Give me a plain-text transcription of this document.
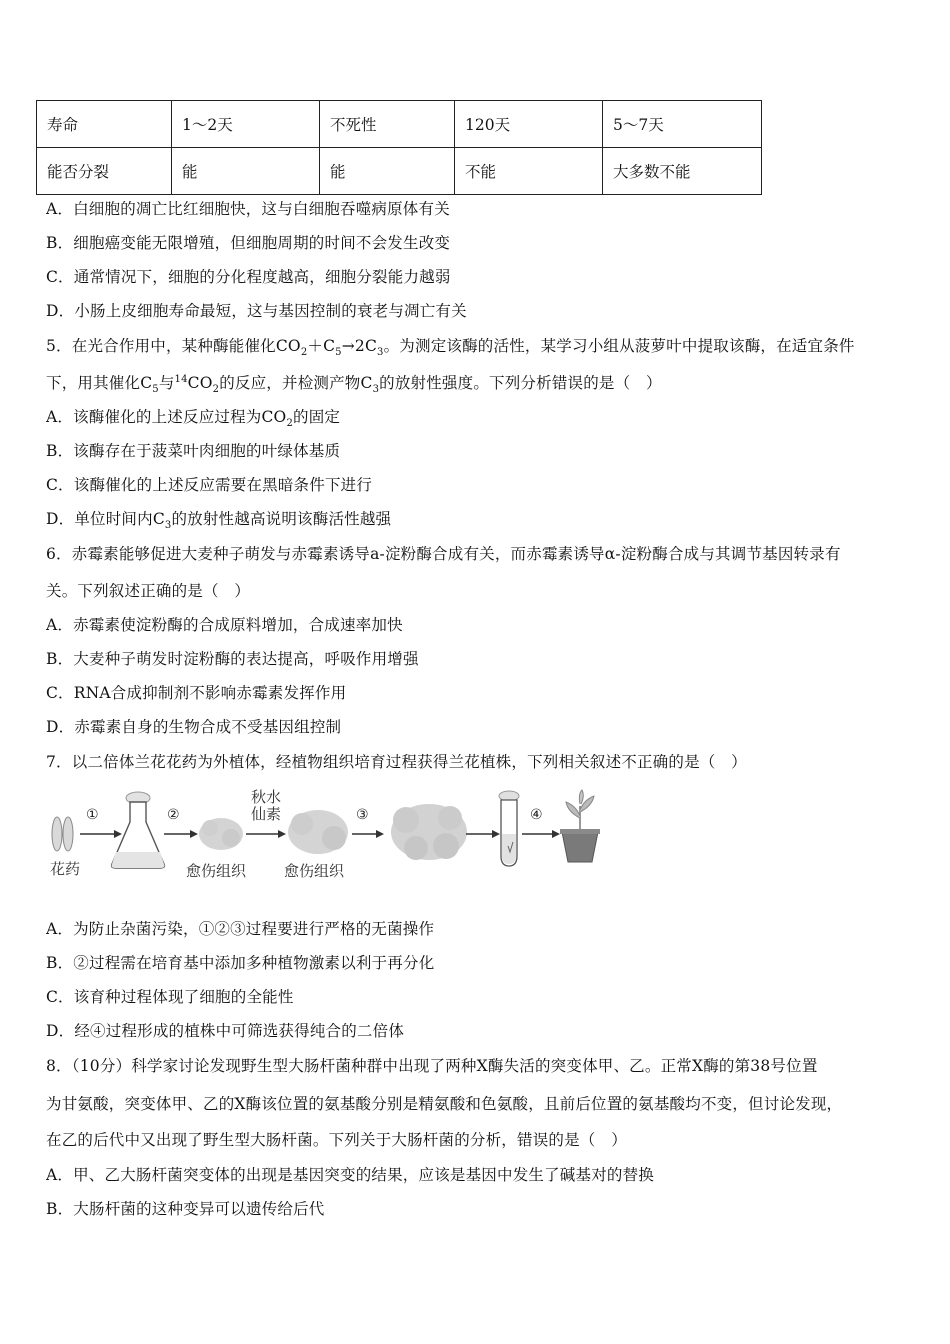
寿命	1～2天	不死性	120天	5～7天
能否分裂	能	能	不能	大多数不能
A．白细胞的凋亡比红细胞快，这与白细胞吞噬病原体有关
B．细胞癌变能无限增殖，但细胞周期的时间不会发生改变
C．通常情况下，细胞的分化程度越高，细胞分裂能力越弱
D．小肠上皮细胞寿命最短，这与基因控制的衰老与凋亡有关
5．在光合作用中，某种酶能催化$CO_2+C_5\to 2C_3$。为测定该酶的活性，某学习小组从菠萝叶中提取该酶，在适宜条件
下，用其催化$C_5$与$^{14}CO_2$的反应，并检测产物$C_3$的放射性强度。下列分析错误的是（　）
A．该酶催化的上述反应过程为$CO_2$的固定
B．该酶存在于菠菜叶肉细胞的叶绿体基质
C．该酶催化的上述反应需要在黑暗条件下进行
D．单位时间内$C_3$的放射性越高说明该酶活性越强
6．赤霉素能够促进大麦种子萌发与赤霉素诱导a-淀粉酶合成有关，而赤霉素诱导α-淀粉酶合成与其调节基因转录有
关。下列叙述正确的是（　）
A．赤霉素使淀粉酶的合成原料增加，合成速率加快
B．大麦种子萌发时淀粉酶的表达提高，呼吸作用增强
C．RNA合成抑制剂不影响赤霉素发挥作用
D．赤霉素自身的生物合成不受基因组控制
7．以二倍体兰花花药为外植体，经植物组织培育过程获得兰花植株，下列相关叙述不正确的是（　）
花药
①	②
愈伤组织
秋水
仙素
愈伤组织
③	④
A．为防止杂菌污染，①②③过程要进行严格的无菌操作
B．②过程需在培育基中添加多种植物激素以利于再分化
C．该育种过程体现了细胞的全能性
D．经④过程形成的植株中可筛选获得纯合的二倍体
8．（10分）科学家讨论发现野生型大肠杆菌种群中出现了两种X酶失活的突变体甲、乙。正常X酶的第38号位置
为甘氨酸，突变体甲、乙的X酶该位置的氨基酸分别是精氨酸和色氨酸，且前后位置的氨基酸均不变，但讨论发现，
在乙的后代中又出现了野生型大肠杆菌。下列关于大肠杆菌的分析，错误的是（　）
A．甲、乙大肠杆菌突变体的出现是基因突变的结果，应该是基因中发生了碱基对的替换
B．大肠杆菌的这种变异可以遗传给后代
